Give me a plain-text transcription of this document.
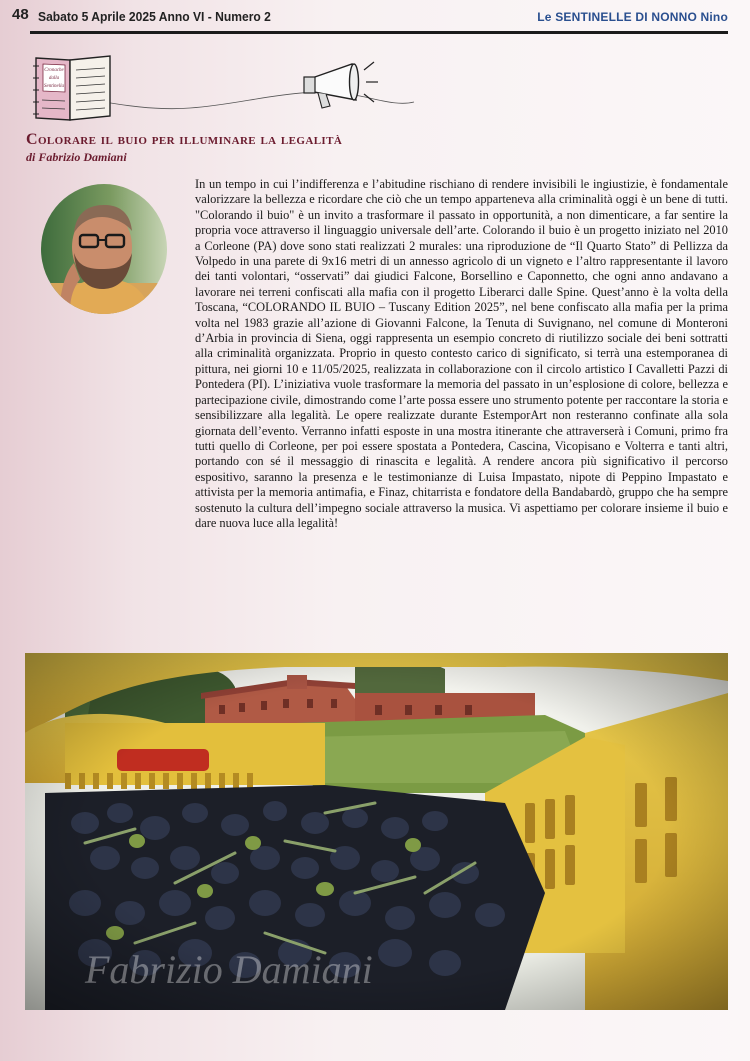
48 Sabato 5 Aprile 2025 Anno VI - Numero 2	Le SENTINELLE DI NONNO Nino
Cronache
dalla
Sentinella
Colorare il buio per illuminare la legalità
di Fabrizio Damiani

In un tempo in cui l’indifferenza e l’abitudine rischiano di rendere invisibili le ingiustizie, è fondamentale valorizzare la bellezza e ricordare che ciò che un tempo apparteneva alla criminalità oggi è un bene di tutti. "Colorando il buio" è un invito a trasformare il passato in opportunità, a non dimenticare, a far sentire la propria voce attraverso il linguaggio universale dell’arte. Colorando il buio è un progetto iniziato nel 2010 a Corleone (PA) dove sono stati realizzati 2 murales: una riproduzione de “Il Quarto Stato” di Pellizza da Volpedo in una parete di 9x16 metri di un annesso agricolo di un vigneto e l’altro rappresentante il lavoro dei tanti volontari, “osservati” dai giudici Falcone, Borsellino e Caponnetto, che ogni anno andavano a lavorare nei terreni confiscati alla mafia con il progetto Liberarci dalle Spine. Quest’anno è la volta della Toscana, “COLORANDO IL BUIO – Tuscany Edition 2025”, nel bene confiscato alla mafia per la prima volta nel 1983 grazie all’azione di Giovanni Falcone, la Tenuta di Suvignano, nel comune di Monteroni d’Arbia in provincia di Siena, oggi rappresenta un esempio concreto di riutilizzo sociale dei beni sottratti alla criminalità organizzata. Proprio in questo contesto carico di significato, si terrà una estemporanea di pittura, nei giorni 10 e 11/05/2025, realizzata in collaborazione con il circolo artistico I Cavalletti Pazzi di Pontedera (PI). L’iniziativa vuole trasformare la memoria del passato in un’esplosione di colore, bellezza e partecipazione civile, dimostrando come l’arte possa essere uno strumento potente per raccontare la storia e sensibilizzare alla legalità. Le opere realizzate durante EstemporArt non resteranno confinate alla sola giornata dell’evento. Verranno infatti esposte in una mostra itinerante che attraverserà i Comuni, primo fra tutti quello di Corleone, per poi essere spostata a Pontedera, Cascina, Vicopisano e Volterra e tanti altri, portando con sé il messaggio di rinascita e legalità. A rendere ancora più significativo il percorso espositivo, saranno la presenza e le testimonianze di Luisa Impastato, nipote di Peppino Impastato e attivista per la memoria antimafia, e Finaz, chitarrista e fondatore della Bandabardò, gruppo che ha sempre sostenuto la cultura dell’impegno sociale attraverso la musica. Vi aspettiamo per colorare insieme il buio e dare nuova luce alla legalità!

Fabrizio Damiani
